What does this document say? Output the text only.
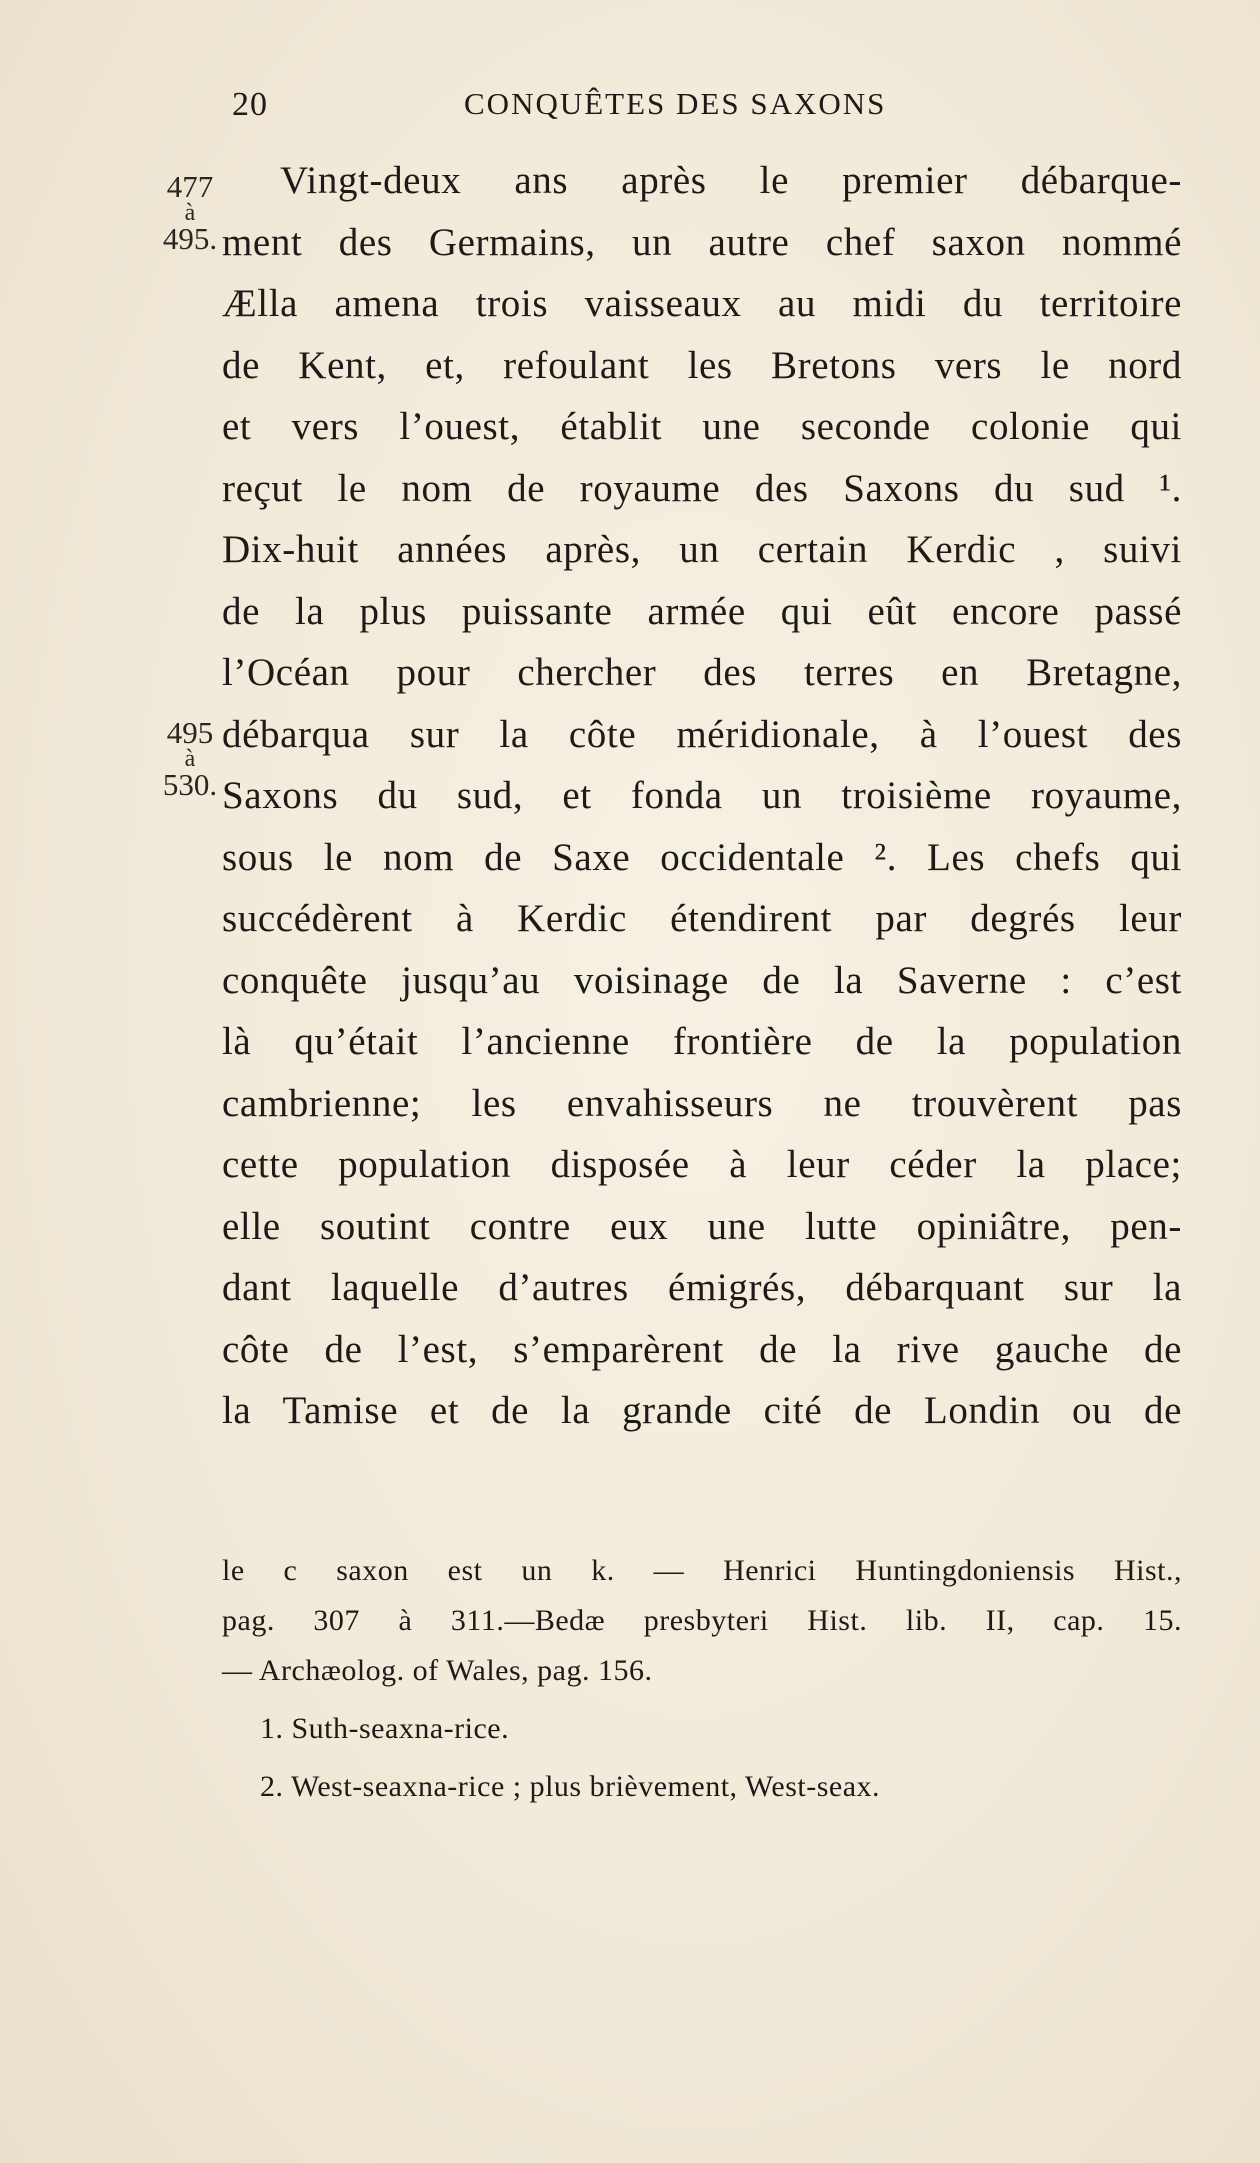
20	CONQUÊTES DES SAXONS
477
à
495.
495
à
530.
Vingt-deux ans après le premier débarque-
ment des Germains, un autre chef saxon nommé
Ælla amena trois vaisseaux au midi du territoire
de Kent, et, refoulant les Bretons vers le nord
et vers l’ouest, établit une seconde colonie qui
reçut le nom de royaume des Saxons du sud ¹.
Dix-huit années après, un certain Kerdic , suivi
de la plus puissante armée qui eût encore passé
l’Océan pour chercher des terres en Bretagne,
débarqua sur la côte méridionale, à l’ouest des
Saxons du sud, et fonda un troisième royaume,
sous le nom de Saxe occidentale ². Les chefs qui
succédèrent à Kerdic étendirent par degrés leur
conquête jusqu’au voisinage de la Saverne : c’est
là qu’était l’ancienne frontière de la population
cambrienne; les envahisseurs ne trouvèrent pas
cette population disposée à leur céder la place;
elle soutint contre eux une lutte opiniâtre, pen-
dant laquelle d’autres émigrés, débarquant sur la
côte de l’est, s’emparèrent de la rive gauche de
la Tamise et de la grande cité de Londin ou de
le c saxon est un k. — Henrici Huntingdoniensis Hist.,
pag. 307 à 311.—Bedæ presbyteri Hist. lib. II, cap. 15.
— Archæolog. of Wales, pag. 156.
1. Suth-seaxna-rice.
2. West-seaxna-rice ; plus brièvement, West-seax.
